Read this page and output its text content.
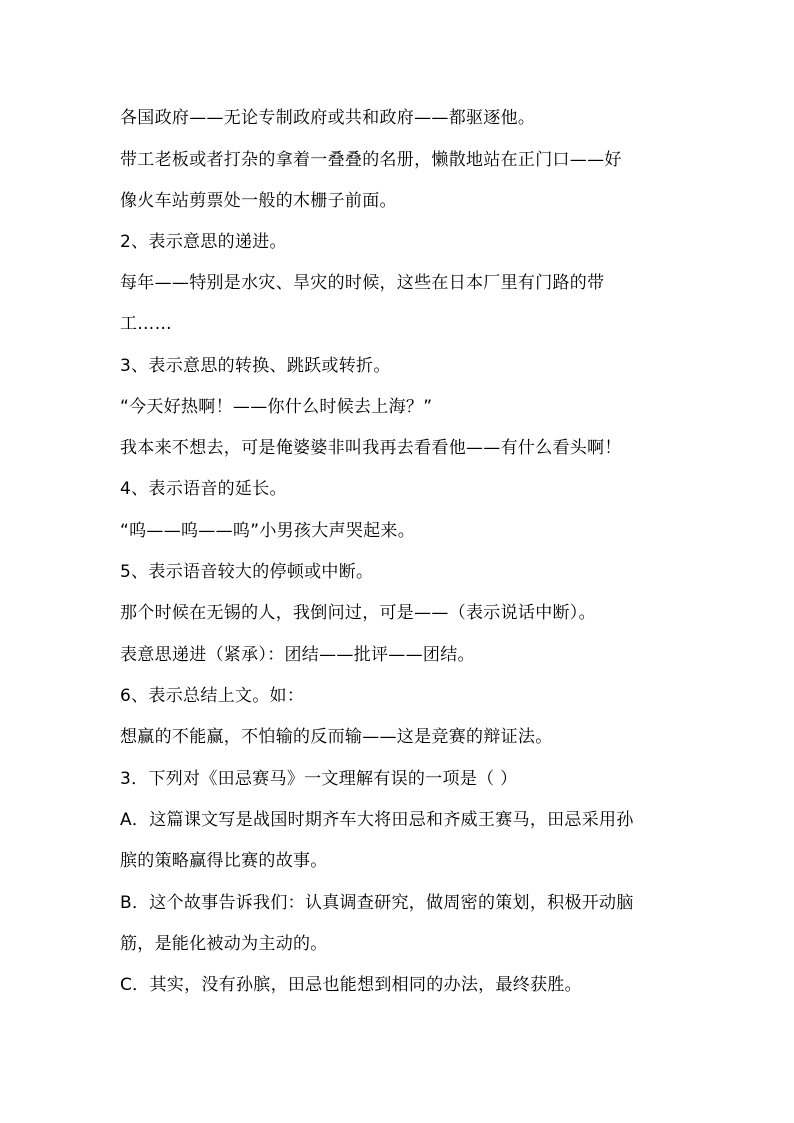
各国政府——无论专制政府或共和政府——都驱逐他。
带工老板或者打杂的拿着一叠叠的名册，懒散地站在正门口——好
像火车站剪票处一般的木栅子前面。
2、表示意思的递进。
每年——特别是水灾、旱灾的时候，这些在日本厂里有门路的带
工……
3、表示意思的转换、跳跃或转折。
“今天好热啊！——你什么时候去上海？”
我本来不想去，可是俺婆婆非叫我再去看看他——有什么看头啊！
4、表示语音的延长。
“呜——呜——呜”小男孩大声哭起来。
5、表示语音较大的停顿或中断。
那个时候在无锡的人，我倒问过，可是——（表示说话中断）。
表意思递进（紧承）：团结——批评——团结。
6、表示总结上文。如：
想赢的不能赢，不怕输的反而输——这是竞赛的辩证法。
3．下列对《田忌赛马》一文理解有误的一项是（ ）
A．这篇课文写是战国时期齐车大将田忌和齐威王赛马，田忌采用孙
膑的策略赢得比赛的故事。
B．这个故事告诉我们：认真调查研究，做周密的策划，积极开动脑
筋，是能化被动为主动的。
C．其实，没有孙膑，田忌也能想到相同的办法，最终获胜。
